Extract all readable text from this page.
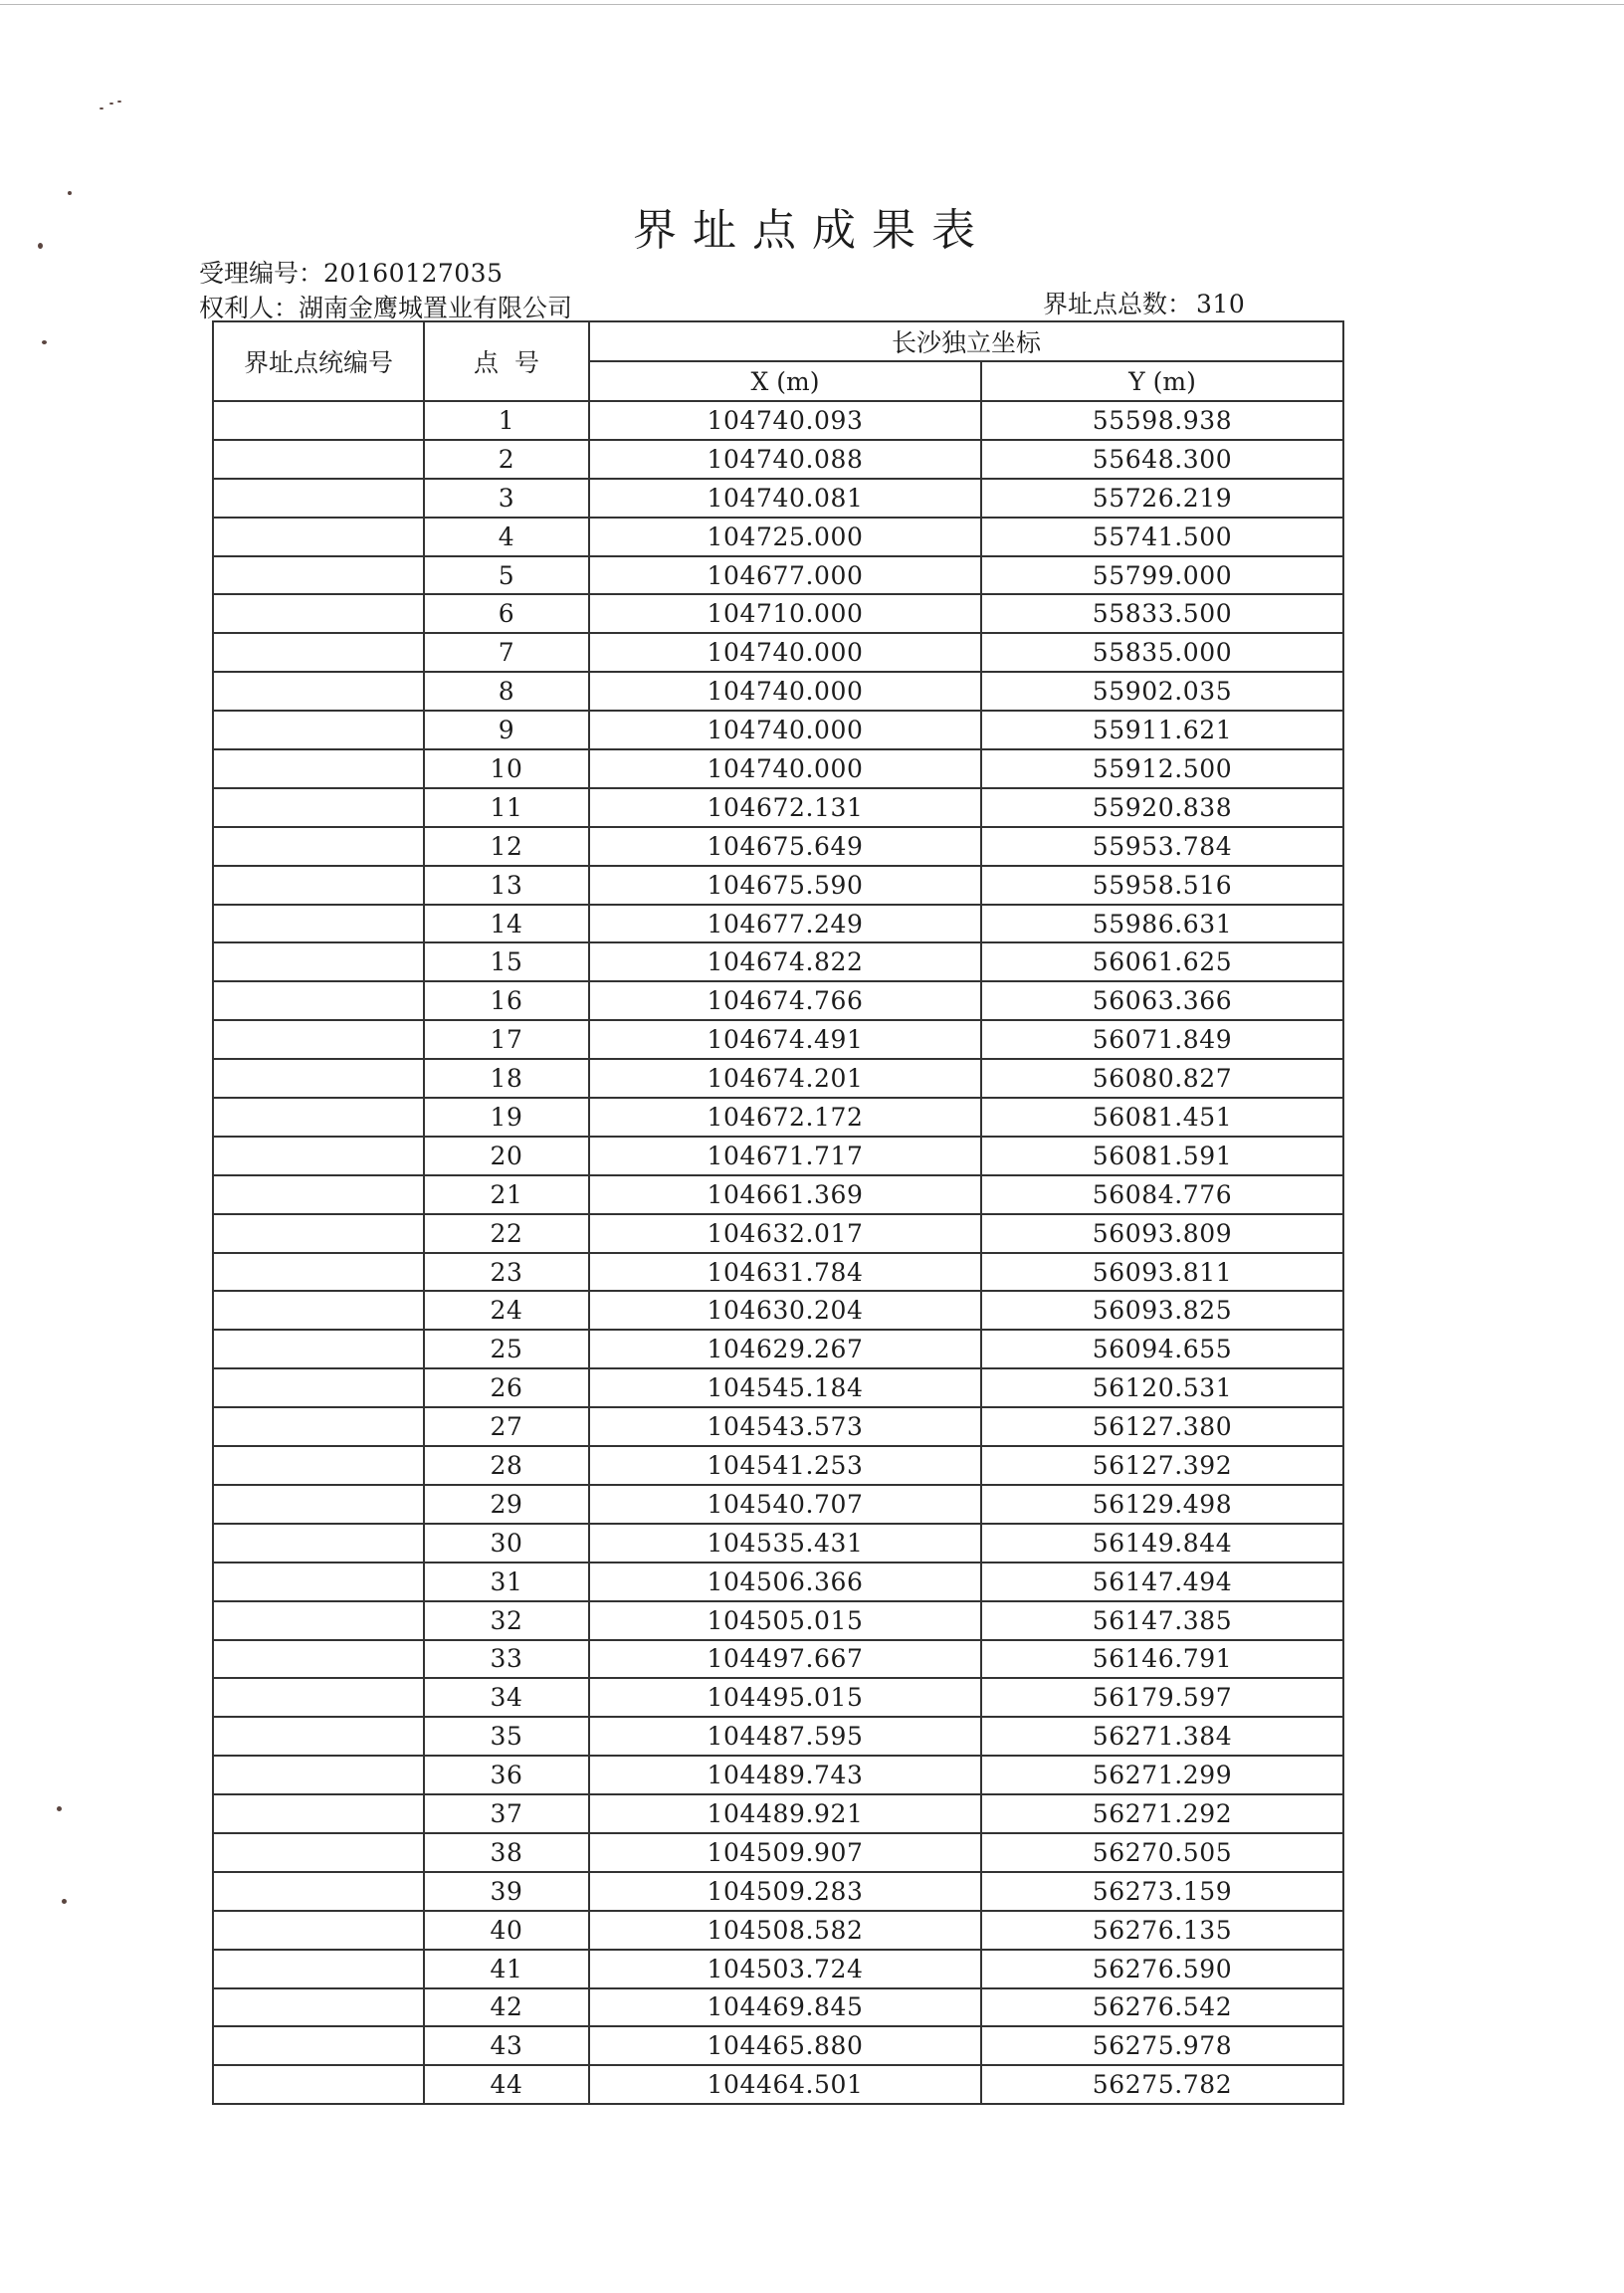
界址点成果表
受理编号：20160127035
权利人：湖南金鹰城置业有限公司	界址点总数： 310
界址点统编号	点  号	长沙独立坐标	
		X (m)	Y (m)
	1	104740.093	55598.938
	2	104740.088	55648.300
	3	104740.081	55726.219
	4	104725.000	55741.500
	5	104677.000	55799.000
	6	104710.000	55833.500
	7	104740.000	55835.000
	8	104740.000	55902.035
	9	104740.000	55911.621
	10	104740.000	55912.500
	11	104672.131	55920.838
	12	104675.649	55953.784
	13	104675.590	55958.516
	14	104677.249	55986.631
	15	104674.822	56061.625
	16	104674.766	56063.366
	17	104674.491	56071.849
	18	104674.201	56080.827
	19	104672.172	56081.451
	20	104671.717	56081.591
	21	104661.369	56084.776
	22	104632.017	56093.809
	23	104631.784	56093.811
	24	104630.204	56093.825
	25	104629.267	56094.655
	26	104545.184	56120.531
	27	104543.573	56127.380
	28	104541.253	56127.392
	29	104540.707	56129.498
	30	104535.431	56149.844
	31	104506.366	56147.494
	32	104505.015	56147.385
	33	104497.667	56146.791
	34	104495.015	56179.597
	35	104487.595	56271.384
	36	104489.743	56271.299
	37	104489.921	56271.292
	38	104509.907	56270.505
	39	104509.283	56273.159
	40	104508.582	56276.135
	41	104503.724	56276.590
	42	104469.845	56276.542
	43	104465.880	56275.978
	44	104464.501	56275.782
